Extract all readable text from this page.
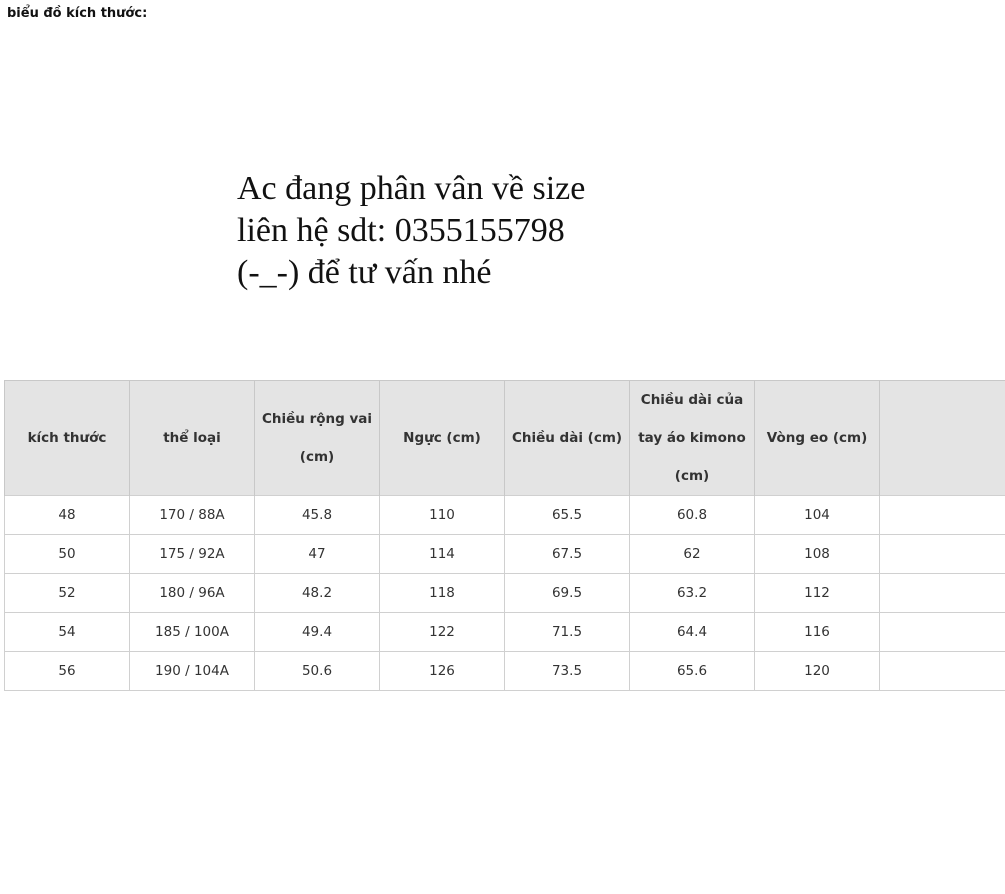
biểu đồ kích thước:
Ac đang phân vân về size
liên hệ sdt: 0355155798
(-_-) để tư vấn nhé
kích thước	thể loại	Chiều rộng vai (cm)	Ngực (cm)	Chiều dài (cm)	Chiều dài của tay áo kimono (cm)	Vòng eo (cm)	
48	170 / 88A	45.8	110	65.5	60.8	104	
50	175 / 92A	47	114	67.5	62	108	
52	180 / 96A	48.2	118	69.5	63.2	112	
54	185 / 100A	49.4	122	71.5	64.4	116	
56	190 / 104A	50.6	126	73.5	65.6	120	
